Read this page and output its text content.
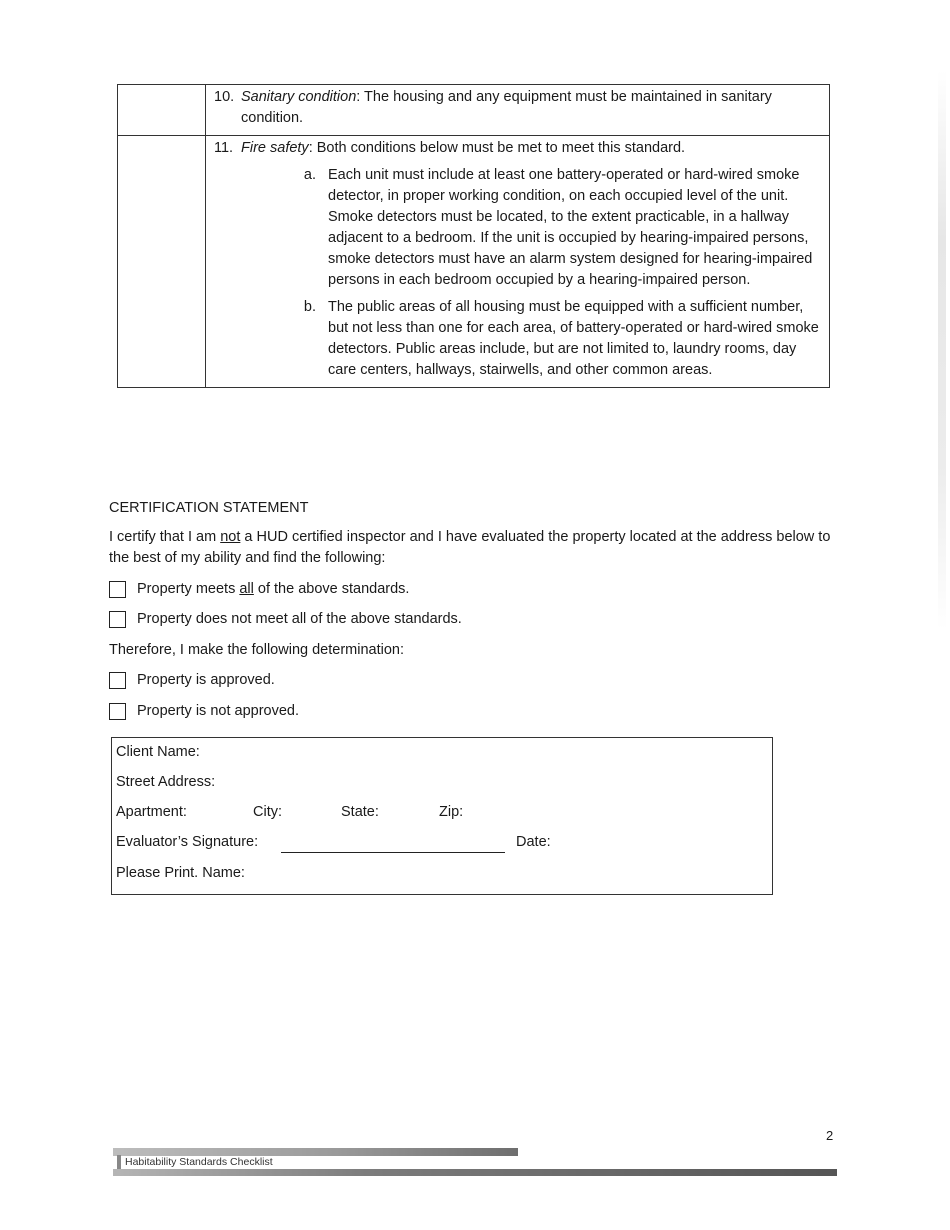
10. Sanitary condition: The housing and any equipment must be maintained in sanitary condition.
11. Fire safety: Both conditions below must be met to meet this standard.
a. Each unit must include at least one battery-operated or hard-wired smoke detector, in proper working condition, on each occupied level of the unit. Smoke detectors must be located, to the extent practicable, in a hallway adjacent to a bedroom. If the unit is occupied by hearing-impaired persons, smoke detectors must have an alarm system designed for hearing-impaired persons in each bedroom occupied by a hearing-impaired person.
b. The public areas of all housing must be equipped with a sufficient number, but not less than one for each area, of battery-operated or hard-wired smoke detectors. Public areas include, but are not limited to, laundry rooms, day care centers, hallways, stairwells, and other common areas.
CERTIFICATION STATEMENT
I certify that I am not a HUD certified inspector and I have evaluated the property located at the address below to the best of my ability and find the following:
Property meets all of the above standards.
Property does not meet all of the above standards.
Therefore, I make the following determination:
Property is approved.
Property is not approved.
Client Name:
Street Address:
Apartment:	City:	State:	Zip:
Evaluator’s Signature:	Date:
Please Print. Name:
2
Habitability Standards Checklist
